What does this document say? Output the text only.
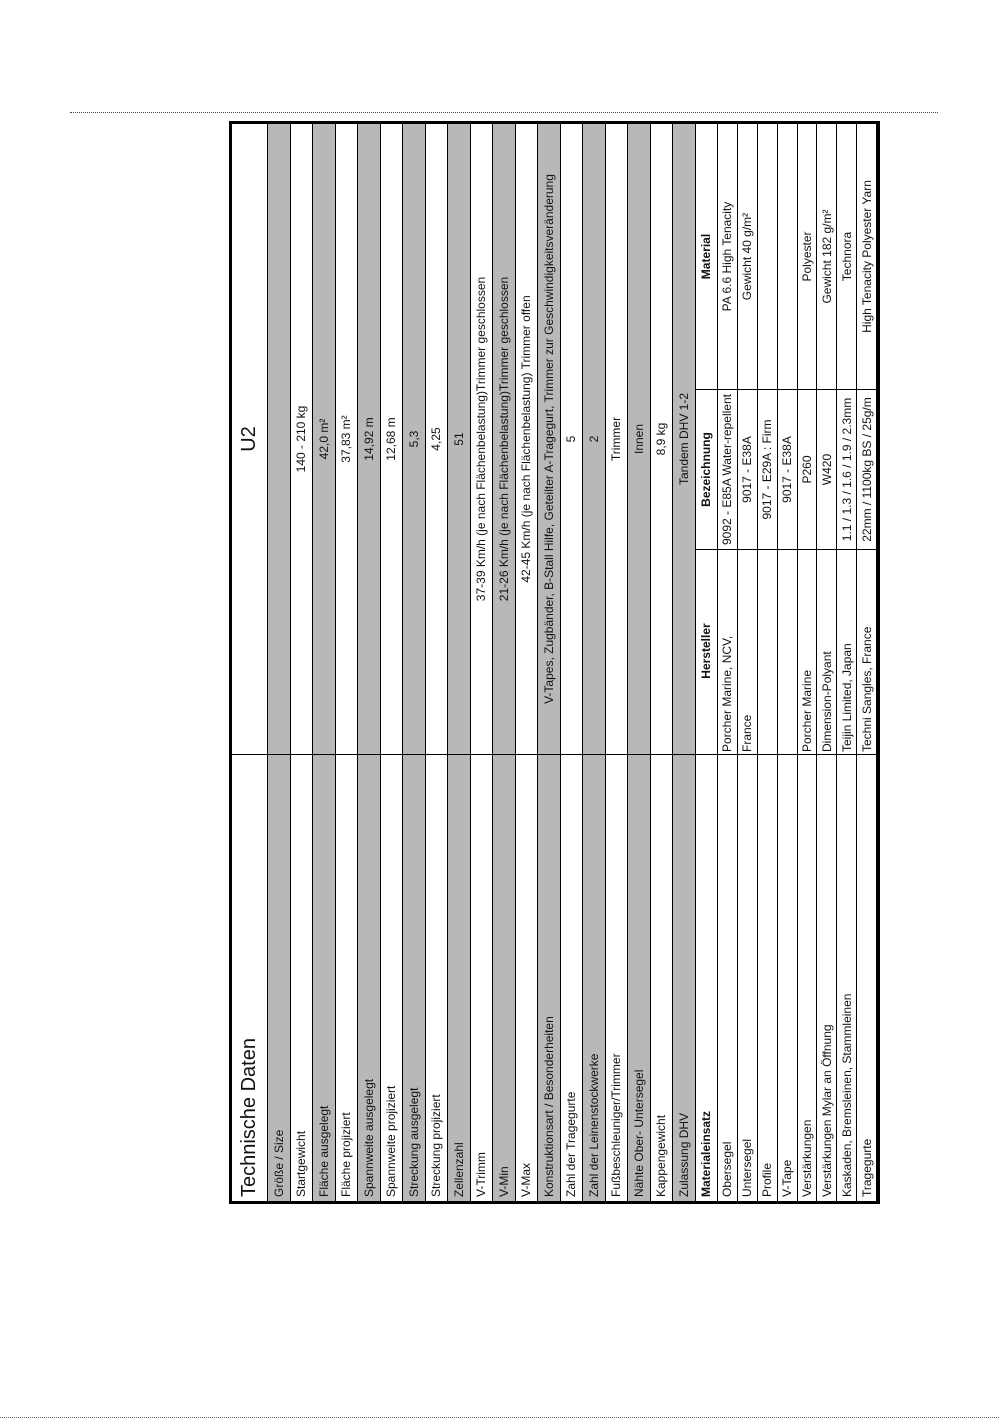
Technische Daten
U2
Größe / Size Startgewicht
140 - 210 kg
Fläche ausgelegt
42,0 m²
Fläche projiziert
37,83 m²
Spannweite ausgelegt
14,92 m
Spannweite projiziert
12,68 m
Streckung ausgelegt
5,3
Streckung projiziert
4,25
Zellenzahl
51
V-Trimm
37-39 Km/h (je nach Flächenbelastung)Trimmer geschlossen
V-Min
21-26 Km/h (je nach Flächenbelastung)Trimmer geschlossen
V-Max
42-45 Km/h (je nach Flächenbelastung) Trimmer offen
Konstruktionsart / Besonderheiten
V-Tapes, Zugbänder, B-Stall Hilfe, Geteilter A-Tragegurt, Trimmer zur Geschwindigkeitsveränderung
Zahl der Tragegurte
5
Zahl der Leinenstockwerke
2
Fußbeschleuniger/Trimmer
Trimmer
Nähte Ober- Untersegel
Innen
Kappengewicht
8,9 kg
Zulassung DHV
Tandem DHV 1-2
Materialeinsatz
Hersteller
Bezeichnung
Material
Obersegel
Porcher Marine, NCV,
9092 - E85A Water-repellent
PA 6.6 High Tenacity
Untersegel
France
9017 - E38A
Gewicht 40 g/m²
Profile
9017 - E29A : Firm
V-Tape
9017 - E38A
Verstärkungen
Porcher Marine
P260
Polyester
Verstärkungen Mylar an Öffnung
Dimension-Polyant
W420
Gewicht 182 g/m²
Kaskaden, Bremsleinen, Stammleinen
Teijin Limited, Japan
1.1 / 1.3 / 1.6 / 1.9 / 2.3mm
Technora
Tragegurte
Techni Sangles, France
22mm / 1100kg BS / 25g/m
High Tenacity Polyester Yarn
